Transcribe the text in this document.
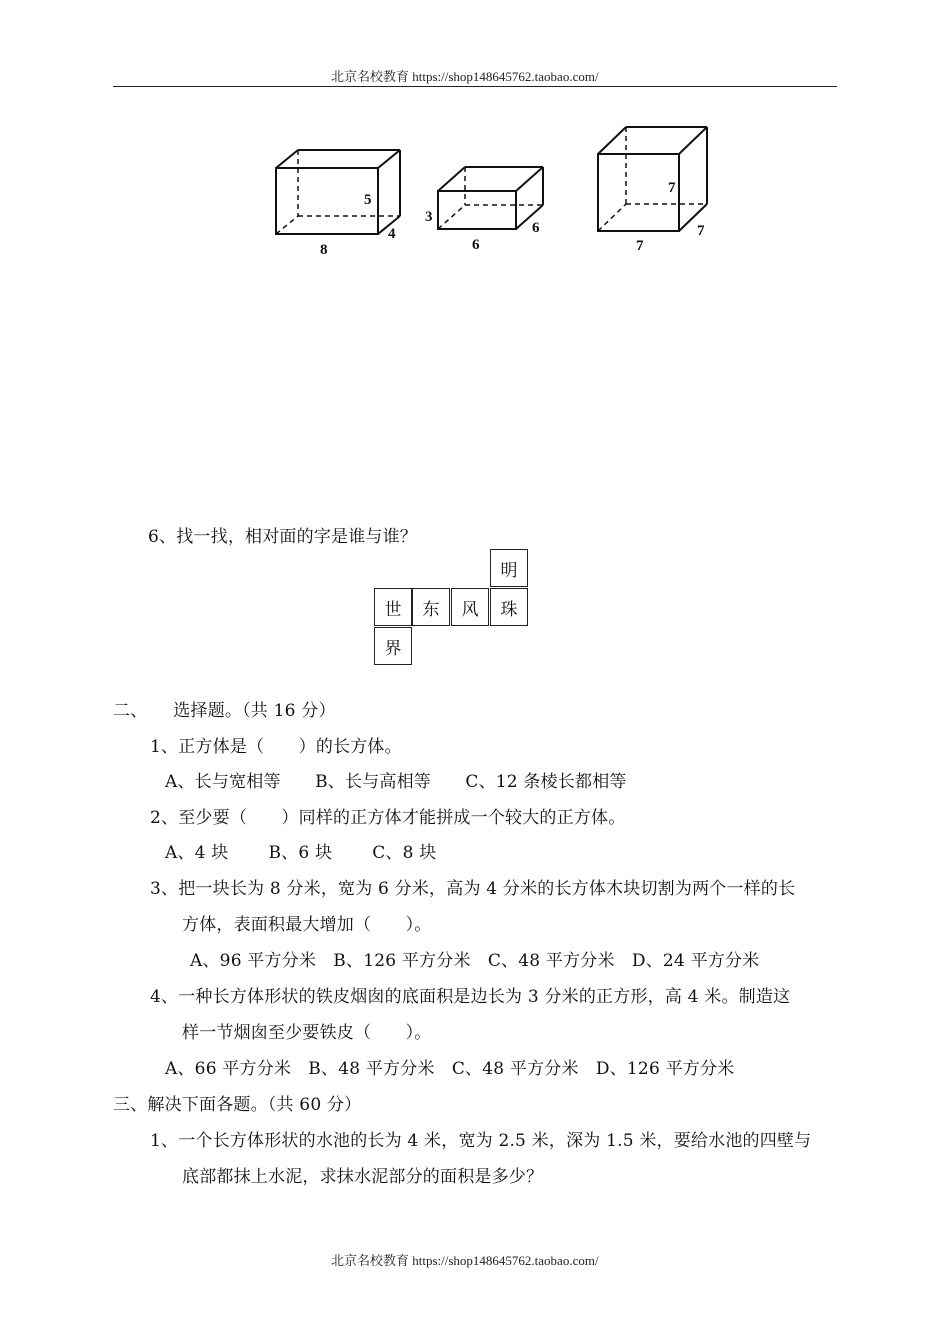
北京名校教育 https://shop148645762.taobao.com/
5
4
8
3
6
6
7
7
7
6、找一找，相对面的字是谁与谁？
明
世	东	风	珠
界
二、　　选择题。（共 16 分）
1、正方体是（　　）的长方体。
A、长与宽相等　　B、长与高相等　　C、12 条棱长都相等
2、至少要（　　）同样的正方体才能拼成一个较大的正方体。
A、4 块　　 B、6 块　　 C、8 块
3、把一块长为 8 分米，宽为 6 分米，高为 4 分米的长方体木块切割为两个一样的长
方体，表面积最大增加（　　）。
A、96 平方分米　B、126 平方分米　C、48 平方分米　D、24 平方分米
4、一种长方体形状的铁皮烟囱的底面积是边长为 3 分米的正方形，高 4 米。制造这
样一节烟囱至少要铁皮（　　）。
A、66 平方分米　B、48 平方分米　C、48 平方分米　D、126 平方分米
三、解决下面各题。（共 60 分）
1、一个长方体形状的水池的长为 4 米，宽为 2.5 米，深为 1.5 米，要给水池的四壁与
底部都抹上水泥，求抹水泥部分的面积是多少？
北京名校教育 https://shop148645762.taobao.com/
